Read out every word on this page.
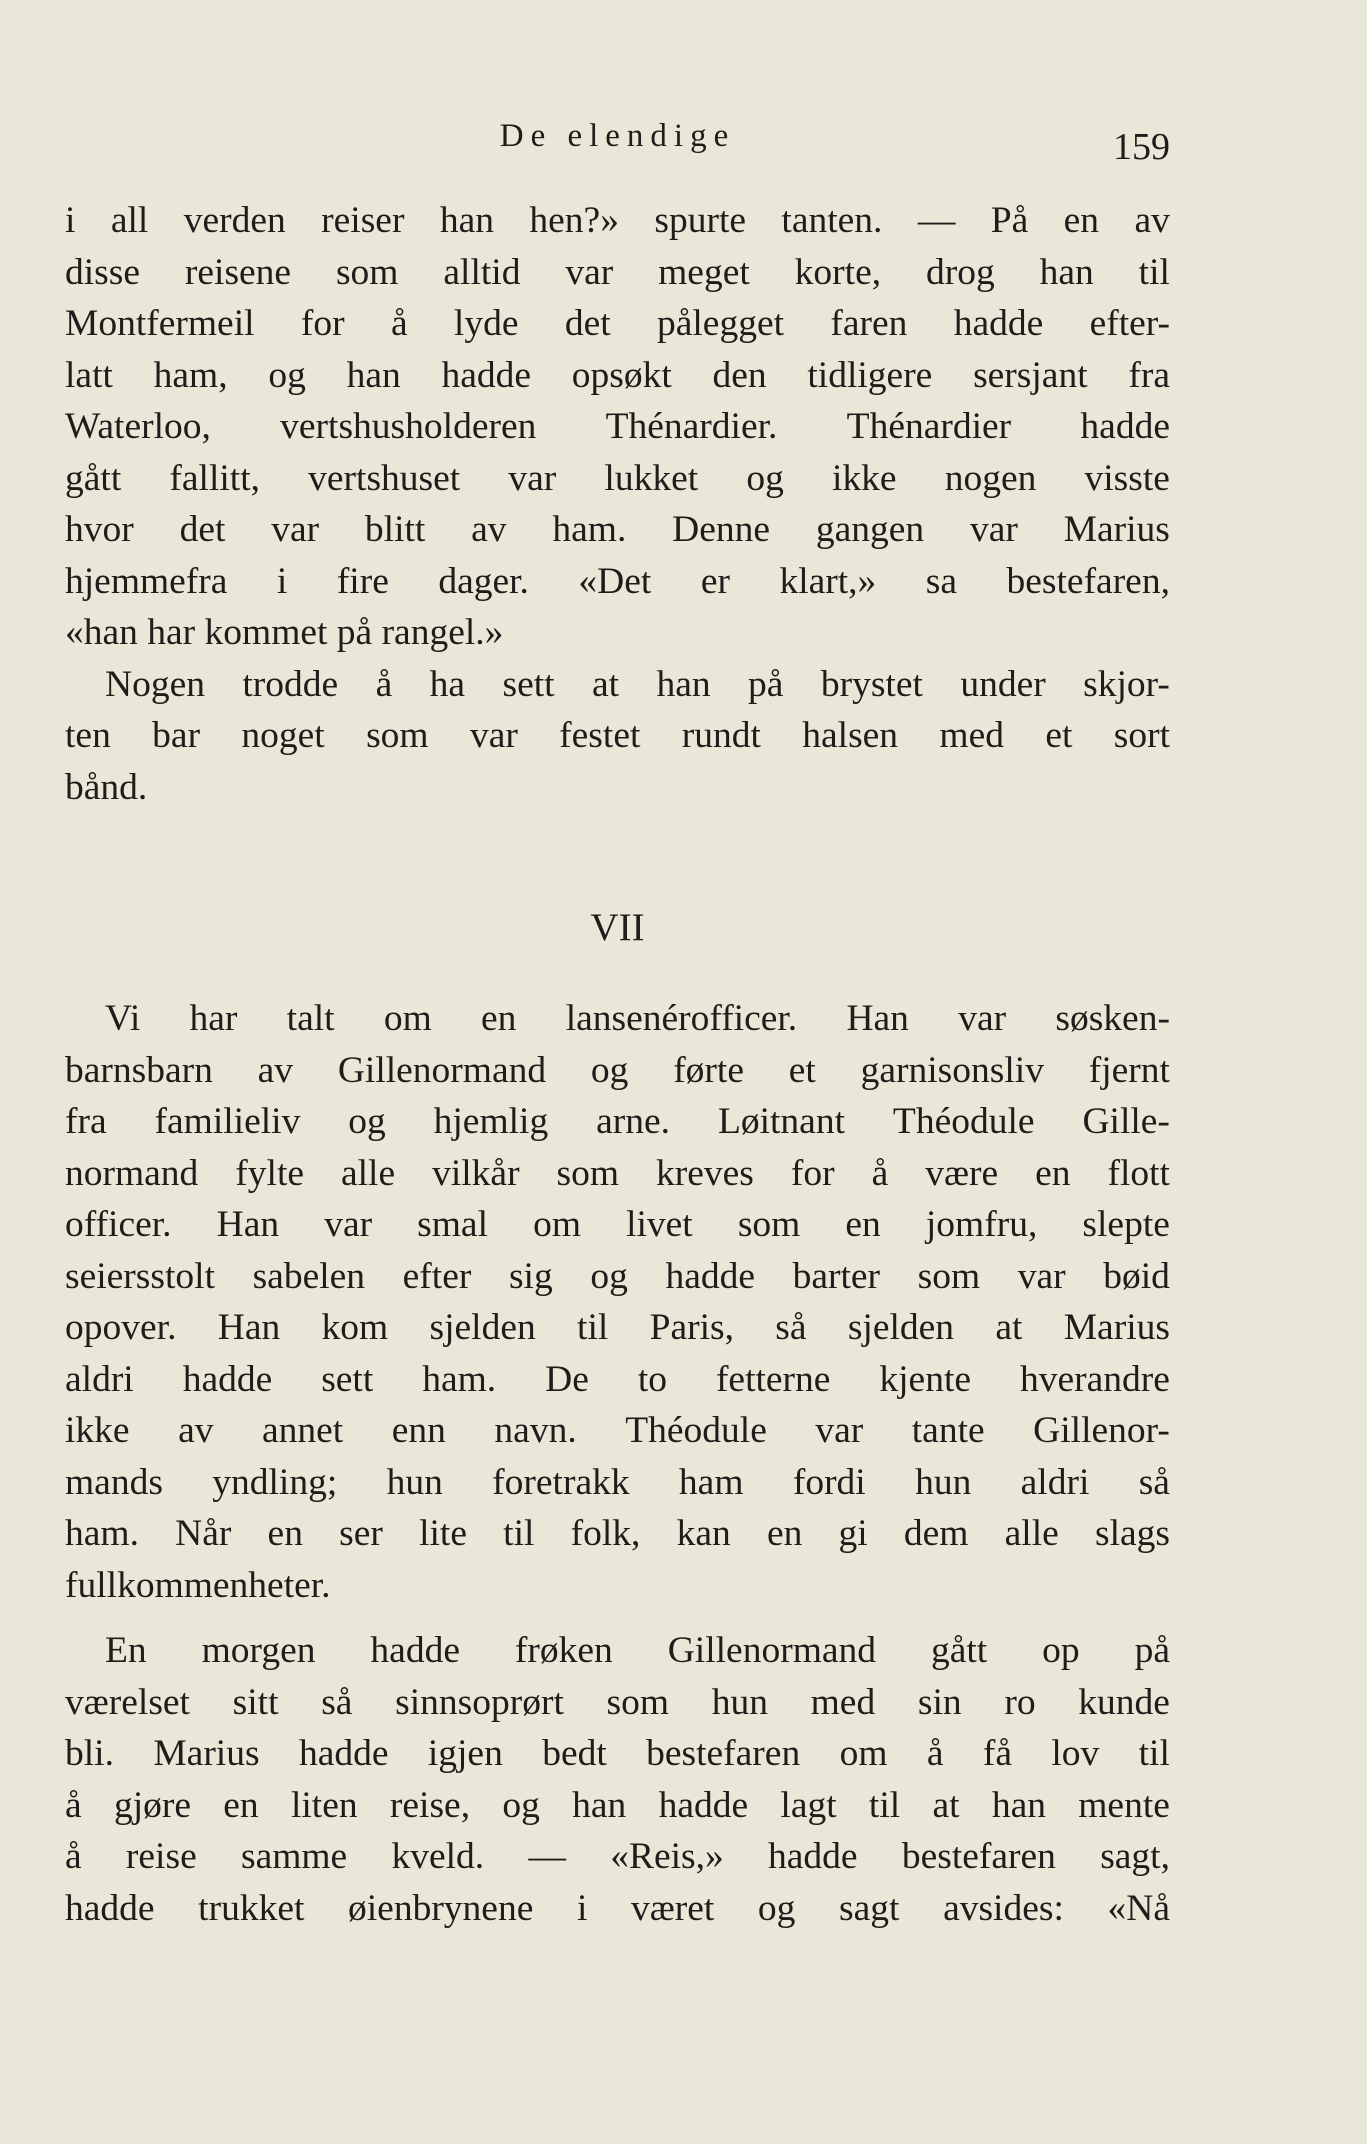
De elendige	159
i all verden reiser han hen?» spurte tanten. — På en av
disse reisene som alltid var meget korte, drog han til
Montfermeil for å lyde det pålegget faren hadde efter-
latt ham, og han hadde opsøkt den tidligere sersjant fra
Waterloo, vertshusholderen Thénardier. Thénardier hadde
gått fallitt, vertshuset var lukket og ikke nogen visste
hvor det var blitt av ham. Denne gangen var Marius
hjemmefra i fire dager. «Det er klart,» sa bestefaren,
«han har kommet på rangel.»
Nogen trodde å ha sett at han på brystet under skjor-
ten bar noget som var festet rundt halsen med et sort
bånd.
VII
Vi har talt om en lansenérofficer. Han var søsken-
barnsbarn av Gillenormand og førte et garnisonsliv fjernt
fra familieliv og hjemlig arne. Løitnant Théodule Gille-
normand fylte alle vilkår som kreves for å være en flott
officer. Han var smal om livet som en jomfru, slepte
seiersstolt sabelen efter sig og hadde barter som var bøid
opover. Han kom sjelden til Paris, så sjelden at Marius
aldri hadde sett ham. De to fetterne kjente hverandre
ikke av annet enn navn. Théodule var tante Gillenor-
mands yndling; hun foretrakk ham fordi hun aldri så
ham. Når en ser lite til folk, kan en gi dem alle slags
fullkommenheter.
En morgen hadde frøken Gillenormand gått op på
værelset sitt så sinnsoprørt som hun med sin ro kunde
bli. Marius hadde igjen bedt bestefaren om å få lov til
å gjøre en liten reise, og han hadde lagt til at han mente
å reise samme kveld. — «Reis,» hadde bestefaren sagt,
hadde trukket øienbrynene i været og sagt avsides: «Nå
